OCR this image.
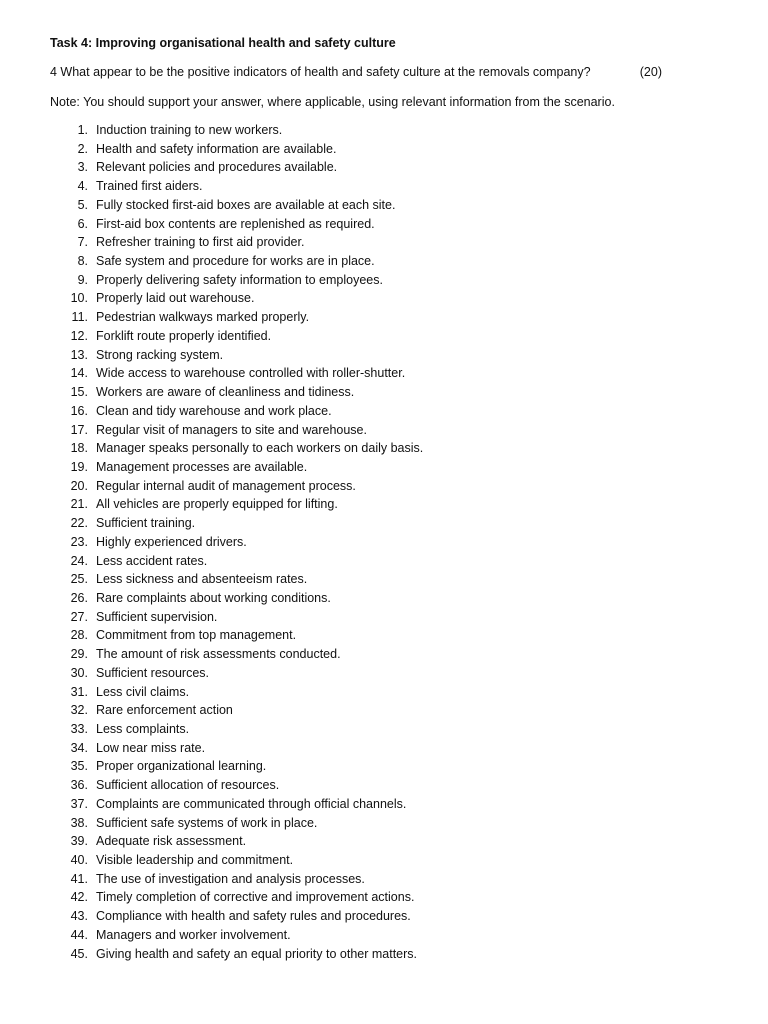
Task 4: Improving organisational health and safety culture
4 What appear to be the positive indicators of health and safety culture at the removals company?	(20)
Note: You should support your answer, where applicable, using relevant information from the scenario.
1. Induction training to new workers.
2. Health and safety information are available.
3. Relevant policies and procedures available.
4. Trained first aiders.
5. Fully stocked first-aid boxes are available at each site.
6. First-aid box contents are replenished as required.
7. Refresher training to first aid provider.
8. Safe system and procedure for works are in place.
9. Properly delivering safety information to employees.
10. Properly laid out warehouse.
11. Pedestrian walkways marked properly.
12. Forklift route properly identified.
13. Strong racking system.
14. Wide access to warehouse controlled with roller-shutter.
15. Workers are aware of cleanliness and tidiness.
16. Clean and tidy warehouse and work place.
17. Regular visit of managers to site and warehouse.
18. Manager speaks personally to each workers on daily basis.
19. Management processes are available.
20. Regular internal audit of management process.
21. All vehicles are properly equipped for lifting.
22. Sufficient training.
23. Highly experienced drivers.
24. Less accident rates.
25. Less sickness and absenteeism rates.
26. Rare complaints about working conditions.
27. Sufficient supervision.
28. Commitment from top management.
29. The amount of risk assessments conducted.
30. Sufficient resources.
31. Less civil claims.
32. Rare enforcement action
33. Less complaints.
34. Low near miss rate.
35. Proper organizational learning.
36. Sufficient allocation of resources.
37. Complaints are communicated through official channels.
38. Sufficient safe systems of work in place.
39. Adequate risk assessment.
40. Visible leadership and commitment.
41. The use of investigation and analysis processes.
42. Timely completion of corrective and improvement actions.
43. Compliance with health and safety rules and procedures.
44. Managers and worker involvement.
45. Giving health and safety an equal priority to other matters.
